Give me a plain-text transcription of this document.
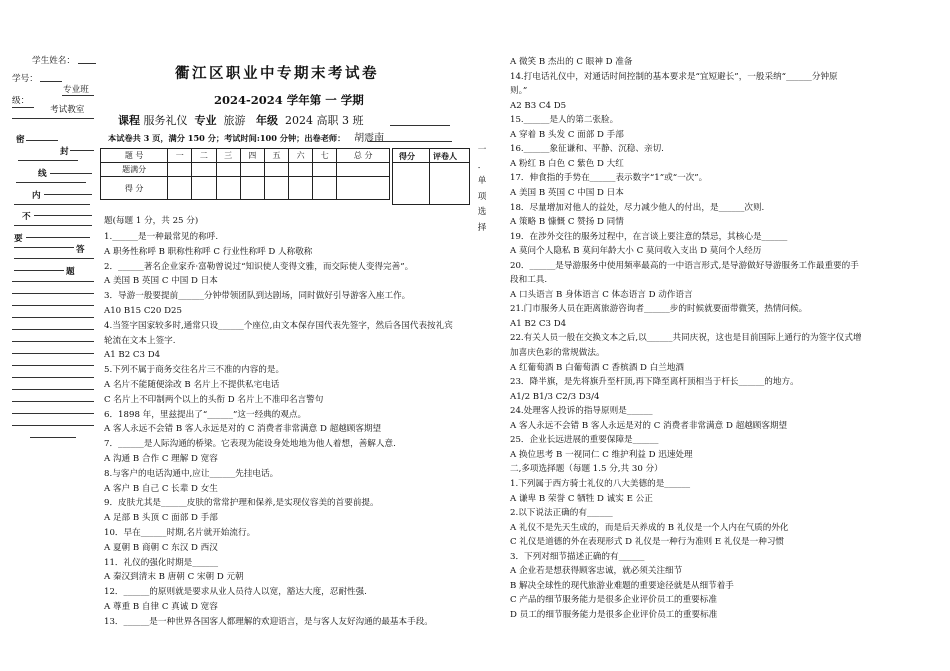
学生姓名：
学号：
专业班
级：
考试教室
密
封
线
内
不
要
答
题
衢江区职业中专期末考试卷
2024-2024 学年第 一 学期
课程 服务礼仪 专业 旅游 年级 2024 高职 3 班
本试卷共 3 页，满分 150 分；考试时间:100 分钟；出卷老师： 胡震南
题 号	一	二	三	四	五	六	七	总 分
题满分								
得 分								
得分 评卷人
一
．
单
项
选
择
题(每题 1 分，共 25 分)
1.______是一种最常见的称呼.
A 职务性称呼 B 职称性称呼 C 行业性称呼 D 人称敬称
2．______著名企业家乔·富勒曾说过“知识使人变得文雅，而交际使人变得完善”。
A 美国 B 英国 C 中国 D 日本
3．导游一般要提前______分钟带领团队到达剧场，同时做好引导游客入座工作。
A10 B15 C20 D25
4.当签字国家较多时,通常只设______个座位,由文本保存国代表先签字，然后各国代表按礼宾
轮流在文本上签字.
A1 B2 C3 D4
5.下列不属于商务交往名片三不准的内容的是。
A 名片不能随便涂改 B 名片上不提供私宅电话
C 名片上不印制两个以上的头衔 D 名片上不准印名言警句
6．1898 年，里兹提出了“______”这一经典的观点。
A 客人永远不会错 B 客人永远是对的 C 消费者非常满意 D 超越顾客期望
7．______是人际沟通的桥梁。它表现为能设身处地地为他人着想，善解人意.
A 沟通 B 合作 C 理解 D 宽容
8.与客户的电话沟通中,应让______先挂电话。
A 客户 B 自己 C 长辈 D 女生
9．皮肤尤其是______皮肤的常常护理和保养,是实现仪容美的首要前提。
A 足部 B 头顶 C 面部 D 手部
10．早在______时期,名片就开始流行。
A 夏朝 B 商朝 C 东汉 D 西汉
11．礼仪的强化时期是______
A 秦汉到清末 B 唐朝 C 宋朝 D 元朝
12．______的原则就是要求从业人员待人以宽，豁达大度，忍耐性强.
A 尊重 B 自律 C 真诚 D 宽容
13．______是一种世界各国客人都理解的欢迎语言，是与客人友好沟通的最基本手段。
A 微笑 B 杰出的 C 眼神 D 准备
14.打电话礼仪中，对通话时间控制的基本要求是“宜短避长”，一般采纳“______分钟原
则。”
A2 B3 C4 D5
15.______是人的第二张脸。
A 穿着 B 头发 C 面部 D 手部
16.______象征谦和、平静、沉稳、亲切.
A 粉红 B 白色 C 紫色 D 大红
17．伸食指的手势在______表示数字“1”或“一次”。
A 美国 B 英国 C 中国 D 日本
18．尽量增加对他人的益处，尽力减少他人的付出，是______次则.
A 策略 B 慷慨 C 赞扬 D 同情
19．在涉外交往的服务过程中，在言谈上要注意的禁忌，其核心是______
A 莫问个人隐私 B 莫问年龄大小 C 莫问收入支出 D 莫问个人经历
20．______是导游服务中使用频率最高的一中语言形式,是导游做好导游服务工作最重要的手
段和工具.
A 口头语言 B 身体语言 C 体态语言 D 动作语言
21.门市服务人员在距离旅游咨询者______步的时候就要面带微笑，热情问候。
A1 B2 C3 D4
22.有关人员一般在交换文本之后,以______共同庆祝，这也是目前国际上通行的为签字仪式增
加喜庆色彩的常规做法。
A 红葡萄酒 B 白葡萄酒 C 香槟酒 D 白兰地酒
23．降半旗，是先将旗升至杆顶,再下降至离杆顶相当于杆长______的地方。
A1/2 B1/3 C2/3 D3/4
24.处理客人投诉的指导原则是______
A 客人永远不会错 B 客人永远是对的 C 消费者非常满意 D 超越顾客期望
25．企业长远进展的重要保障是______
A 换位思考 B 一视同仁 C 维护利益 D 迅速处理
二,多项选择题（每题 1.5 分,共 30 分）
1.下列属于西方骑士礼仪的八大美德的是______
A 谦卑 B 荣誉 C 牺牲 D 诚实 E 公正
2.以下说法正确的有______
A 礼仪不是先天生成的，而是后天养成的 B 礼仪是一个人内在气质的外化
C 礼仪是道德的外在表现形式 D 礼仪是一种行为准则 E 礼仪是一种习惯
3．下列对细节描述正确的有______
A 企业若是想获得顾客忠诚，就必须关注细节
B 解决全球性的现代旅游业难题的重要途径就是从细节着手
C 产品的细节服务能力是很多企业评价员工的重要标准
D 员工的细节服务能力是很多企业评价员工的重要标准
